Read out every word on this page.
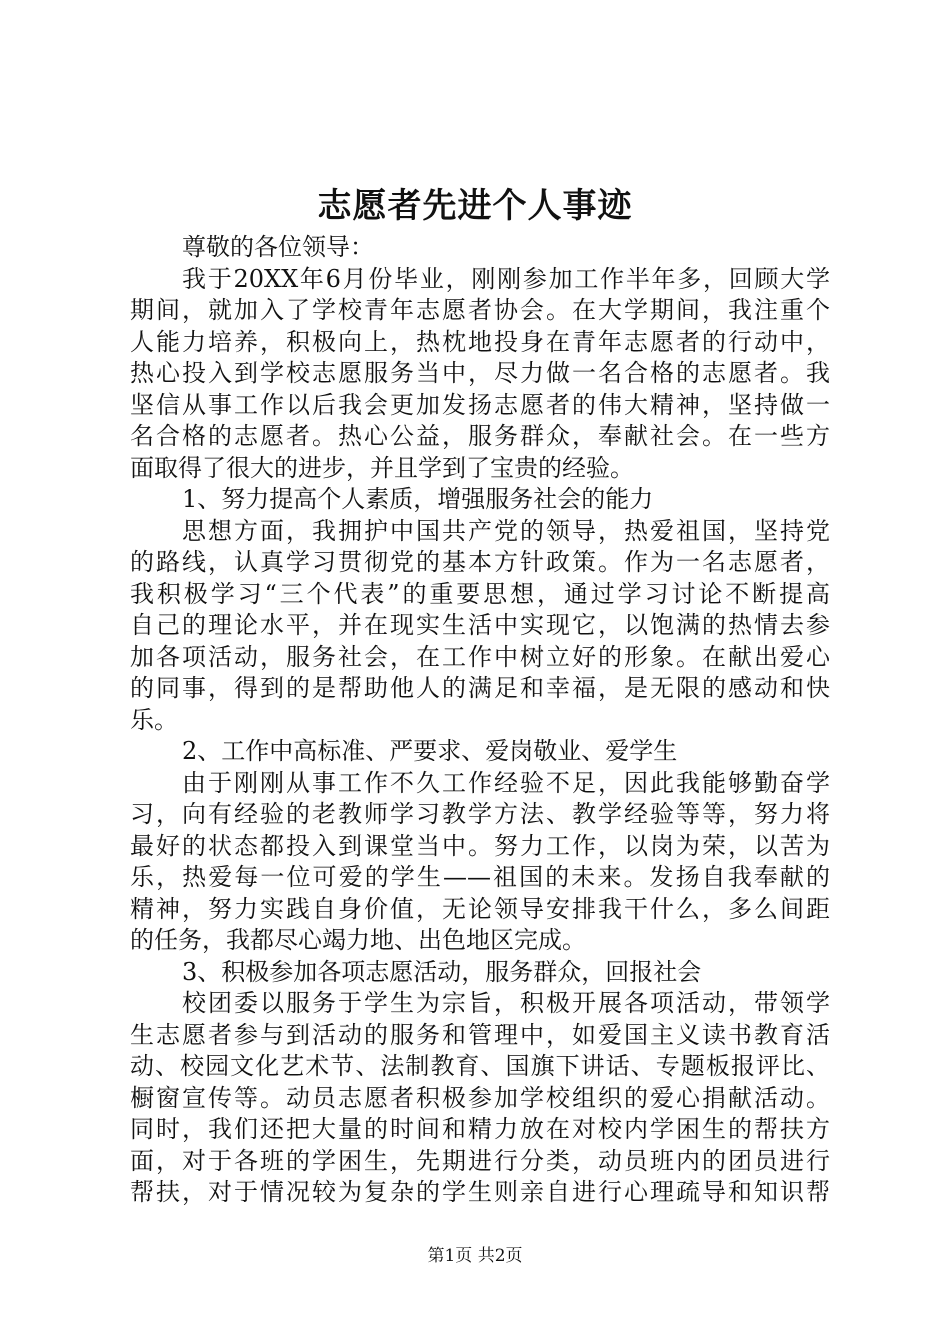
志愿者先进个人事迹
尊敬的各位领导：
我于20XX年6月份毕业，刚刚参加工作半年多，回顾大学
期间，就加入了学校青年志愿者协会。在大学期间，我注重个
人能力培养，积极向上，热枕地投身在青年志愿者的行动中，
热心投入到学校志愿服务当中，尽力做一名合格的志愿者。我
坚信从事工作以后我会更加发扬志愿者的伟大精神，坚持做一
名合格的志愿者。热心公益，服务群众，奉献社会。在一些方
面取得了很大的进步，并且学到了宝贵的经验。
1、努力提高个人素质，增强服务社会的能力
思想方面，我拥护中国共产党的领导，热爱祖国，坚持党
的路线，认真学习贯彻党的基本方针政策。作为一名志愿者，
我积极学习“三个代表”的重要思想，通过学习讨论不断提高
自己的理论水平，并在现实生活中实现它，以饱满的热情去参
加各项活动，服务社会，在工作中树立好的形象。在献出爱心
的同事，得到的是帮助他人的满足和幸福，是无限的感动和快
乐。
2、工作中高标准、严要求、爱岗敬业、爱学生
由于刚刚从事工作不久工作经验不足，因此我能够勤奋学
习，向有经验的老教师学习教学方法、教学经验等等，努力将
最好的状态都投入到课堂当中。努力工作，以岗为荣，以苦为
乐，热爱每一位可爱的学生——祖国的未来。发扬自我奉献的
精神，努力实践自身价值，无论领导安排我干什么，多么间距
的任务，我都尽心竭力地、出色地区完成。
3、积极参加各项志愿活动，服务群众，回报社会
校团委以服务于学生为宗旨，积极开展各项活动，带领学
生志愿者参与到活动的服务和管理中，如爱国主义读书教育活
动、校园文化艺术节、法制教育、国旗下讲话、专题板报评比、
橱窗宣传等。动员志愿者积极参加学校组织的爱心捐献活动。
同时，我们还把大量的时间和精力放在对校内学困生的帮扶方
面，对于各班的学困生，先期进行分类，动员班内的团员进行
帮扶，对于情况较为复杂的学生则亲自进行心理疏导和知识帮
第1页 共2页
